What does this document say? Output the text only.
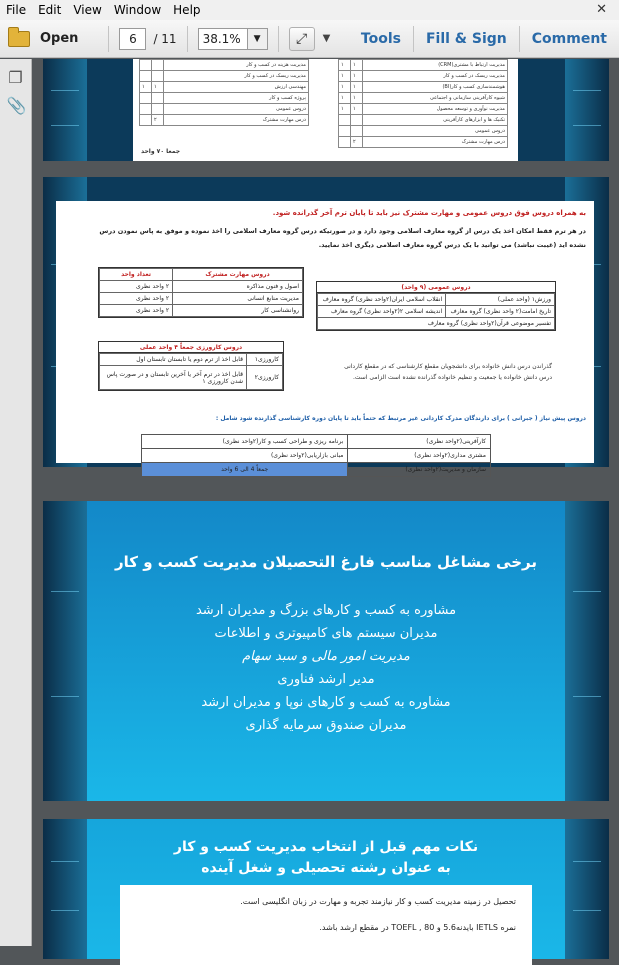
File	Edit	View	Window	Help	✕
Open	6	/ 11	38.1%	▼	⤢	▼	Tools	Fill & Sign	Comment
❐
📎
		مدیریت هزینه در کسب و کار
		مدیریت ریسک در کسب و کار
۱	۱	مهندسی ارزش
		پروژه کسب و کار
		دروس عمومی
	۲	درس مهارت مشترک
۱	۱	مدیریت ارتباط با مشتری(CRM)
۱	۱	مدیریت ریسک در کسب و کار
۱	۱	هوشمندسازی کسب و کار(BI)
۱	۱	شیوه کارآفرینی سازمانی و اجتماعی
۱	۱	مدیریت نوآوری و توسعه محصول
		تکنیک ها و ابزارهای کارآفرینی
		دروس عمومی
	۲	درس مهارت مشترک
جمعا ۷۰ واحد
به همراه دروس فوق دروس عمومی و مهارت مشترک نیز باید تا پایان ترم آخر گذرانده شود.
در هر ترم فقط امکان اخذ یک درس از گروه معارف اسلامی وجود دارد و در صورتیکه درس گروه معارف اسلامی را اخذ نموده و موفق به پاس نمودن درس
نشده اید (غیبت نباشد) می توانید با یک درس گروه معارف اسلامی دیگری اخذ نمایید.
دروس مهارت مشترک	تعداد واحد
اصول و فنون مذاکره	۲ واحد نظری
مدیریت منابع انسانی	۲ واحد نظری
روانشناسی کار	۲ واحد نظری
دروس عمومی (۹ واحد)
ورزش۱ (واحد عملی)	انقلاب اسلامی ایران(۲واحد نظری) گروه معارف
تاریخ امامت(۲ واحد نظری) گروه معارف	اندیشه اسلامی ۲(۲واحد نظری) گروه معارف
تفسیر موضوعی قرآن(۲واحد نظری) گروه معارف	
دروس کارورزی جمعاً ۴ واحد عملی
کارورزی۱	قابل اخذ از ترم دوم یا تابستان تابستان اول
کارورزی۲	قابل اخذ در ترم آخر یا آخرین تابستان و در صورت پاس شدن کارورزی ۱
گذراندن درس دانش خانواده برای دانشجویان مقطع کارشناسی که در مقطع کاردانی درس دانش خانواده یا جمعیت و تنظیم خانواده گذرانده نشده است الزامی است.
دروس پیش نیاز ( جبرانی ) برای دارندگان مدرک کاردانی غیر مرتبط که حتماً باید تا پایان دوره کارشناسی گذارنده شود شامل :
کارآفرینی(۲واحد نظری)	برنامه ریزی و طراحی کسب و کار(۲واحد نظری)
مشتری مداری(۲واحد نظری)	مبانی بازاریابی(۲واحد نظری)
سازمان و مدیریت(۲واحد نظری)	جمعاً 4 الی 6 واحد
برخی مشاغل مناسب فارغ التحصیلان مدیریت کسب و کار
مشاوره به کسب و کارهای بزرگ و مدیران ارشد
مدیران سیستم های کامپیوتری و اطلاعات
مدیریت امور مالی و سبد سهام
مدیر ارشد فناوری
مشاوره به کسب و کارهای نوپا و مدیران ارشد
مدیران صندوق سرمایه گذاری
نکات مهم قبل از انتخاب مدیریت کسب و کار
به عنوان رشته تحصیلی و شغل آینده
تحصیل در زمینه مدیریت کسب و کار نیازمند تجربه و مهارت در زبان انگلیسی است.
نمره IETLS بایدنه5.6 و TOEFL , 80 در مقطع ارشد باشد.
